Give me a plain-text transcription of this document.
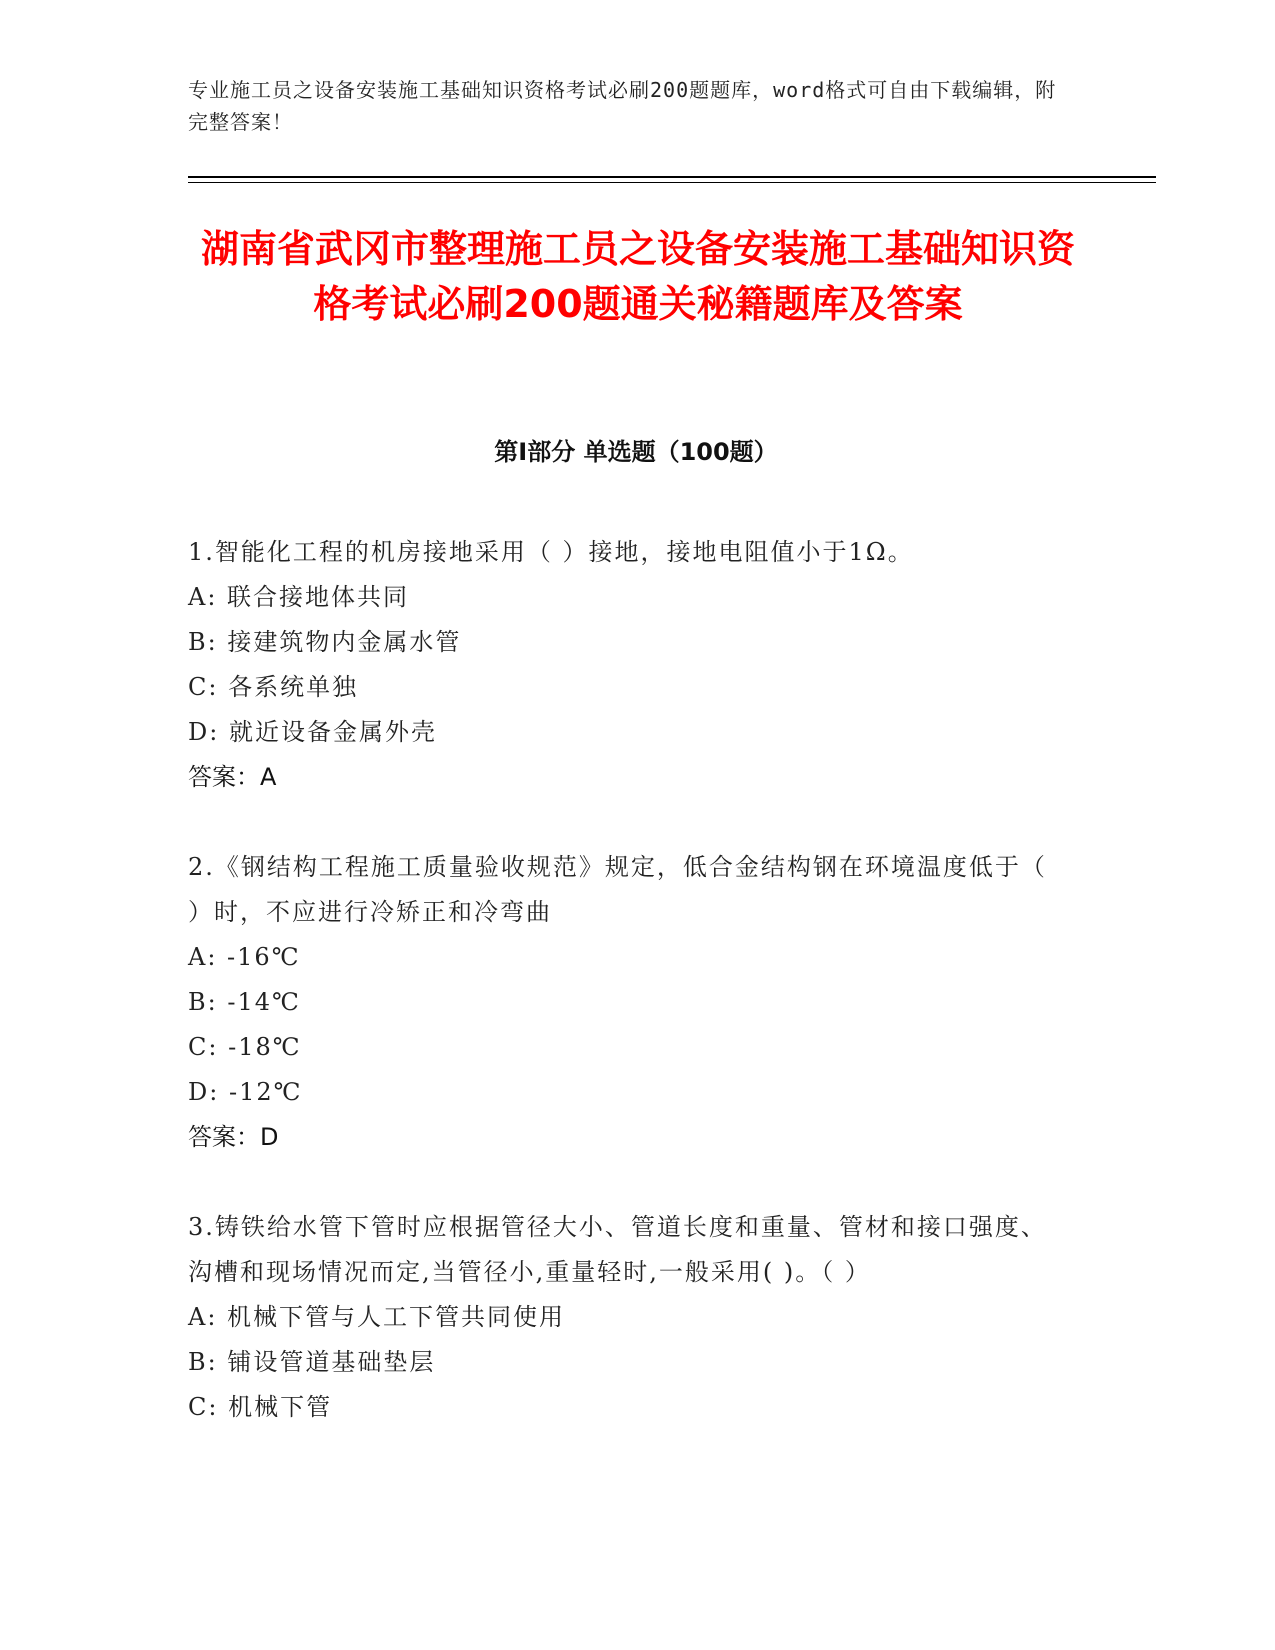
专业施工员之设备安装施工基础知识资格考试必刷200题题库，word格式可自由下载编辑，附完整答案！
湖南省武冈市整理施工员之设备安装施工基础知识资格考试必刷200题通关秘籍题库及答案
第Ⅰ部分 单选题（100题）
1.智能化工程的机房接地采用（ ）接地，接地电阻值小于1Ω。
A: 联合接地体共同
B: 接建筑物内金属水管
C: 各系统单独
D: 就近设备金属外壳
答案：A
2.《钢结构工程施工质量验收规范》规定，低合金结构钢在环境温度低于（ ）时，不应进行冷矫正和冷弯曲
A: -16℃
B: -14℃
C: -18℃
D: -12℃
答案：D
3.铸铁给水管下管时应根据管径大小、管道长度和重量、管材和接口强度、沟槽和现场情况而定,当管径小,重量轻时,一般采用( )。（ ）
A: 机械下管与人工下管共同使用
B: 铺设管道基础垫层
C: 机械下管
